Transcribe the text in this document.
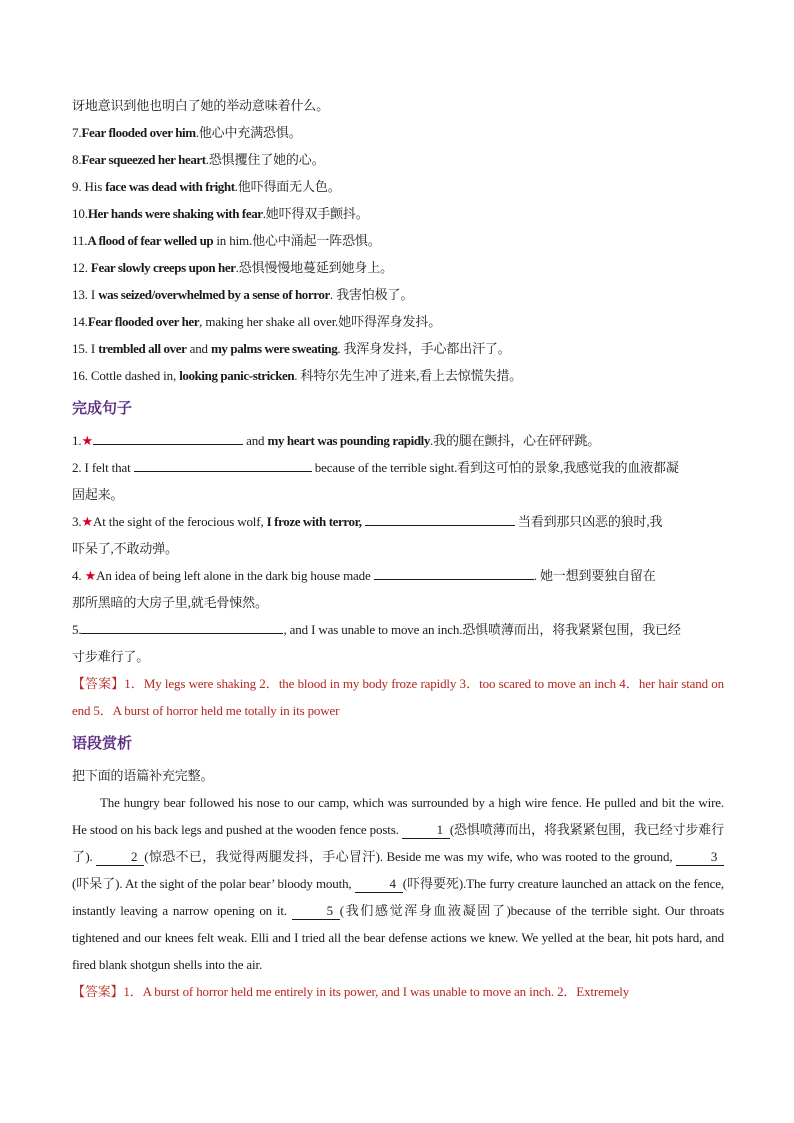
讶地意识到他也明白了她的举动意味着什么。
7.Fear flooded over him.他心中充满恐惧。
8.Fear squeezed her heart.恐惧攫住了她的心。
9. His face was dead with fright.他吓得面无人色。
10.Her hands were shaking with fear.她吓得双手颤抖。
11.A flood of fear welled up in him.他心中涌起一阵恐惧。
12. Fear slowly creeps upon her.恐惧慢慢地蔓延到她身上。
13. I was seized/overwhelmed by a sense of horror. 我害怕极了。
14.Fear flooded over her, making her shake all over.她吓得浑身发抖。
15. I trembled all over and my palms were sweating. 我浑身发抖，手心都出汗了。
16. Cottle dashed in, looking panic-stricken. 科特尔先生冲了进来,看上去惊慌失措。
完成句子
1.★	and my heart was pounding rapidly.我的腿在颤抖，心在砰砰跳。
2. I felt that	because of the terrible sight.看到这可怕的景象,我感觉我的血液都凝
固起来。
3.★At the sight of the ferocious wolf, I froze with terror,	当看到那只凶恶的狼时,我
吓呆了,不敢动弹。
4. ★An idea of being left alone in the dark big house made	. 她一想到要独自留在
那所黑暗的大房子里,就毛骨悚然。
5.	, and I was unable to move an inch.恐惧喷薄而出，将我紧紧包围，我已经
寸步难行了。
【答案】1．My legs were shaking 2．the blood in my body froze rapidly 3．too scared to move an inch 4．her hair stand on end 5．A burst of horror held me totally in its power
语段赏析
把下面的语篇补充完整。
The hungry bear followed his nose to our camp, which was surrounded by a high wire fence. He pulled and bit the wire. He stood on his back legs and pushed at the wooden fence posts.	1 (恐惧喷薄而出，将我紧紧包围，我已经寸步难行了).	2 (惊恐不已，我觉得两腿发抖，手心冒汗). Beside me was my wife, who was rooted to the ground,	3(吓呆了). At the sight of the polar bear’ bloody mouth,	4 (吓得要死).The furry creature launched an attack on the fence, instantly leaving a narrow opening on it.	5 (我们感觉浑身血液凝固了)because of the terrible sight. Our throats tightened and our knees felt weak. Elli and I tried all the bear defense actions we knew. We yelled at the bear, hit pots hard, and fired blank shotgun shells into the air.
【答案】1．A burst of horror held me entirely in its power, and I was unable to move an inch. 2．Extremely
